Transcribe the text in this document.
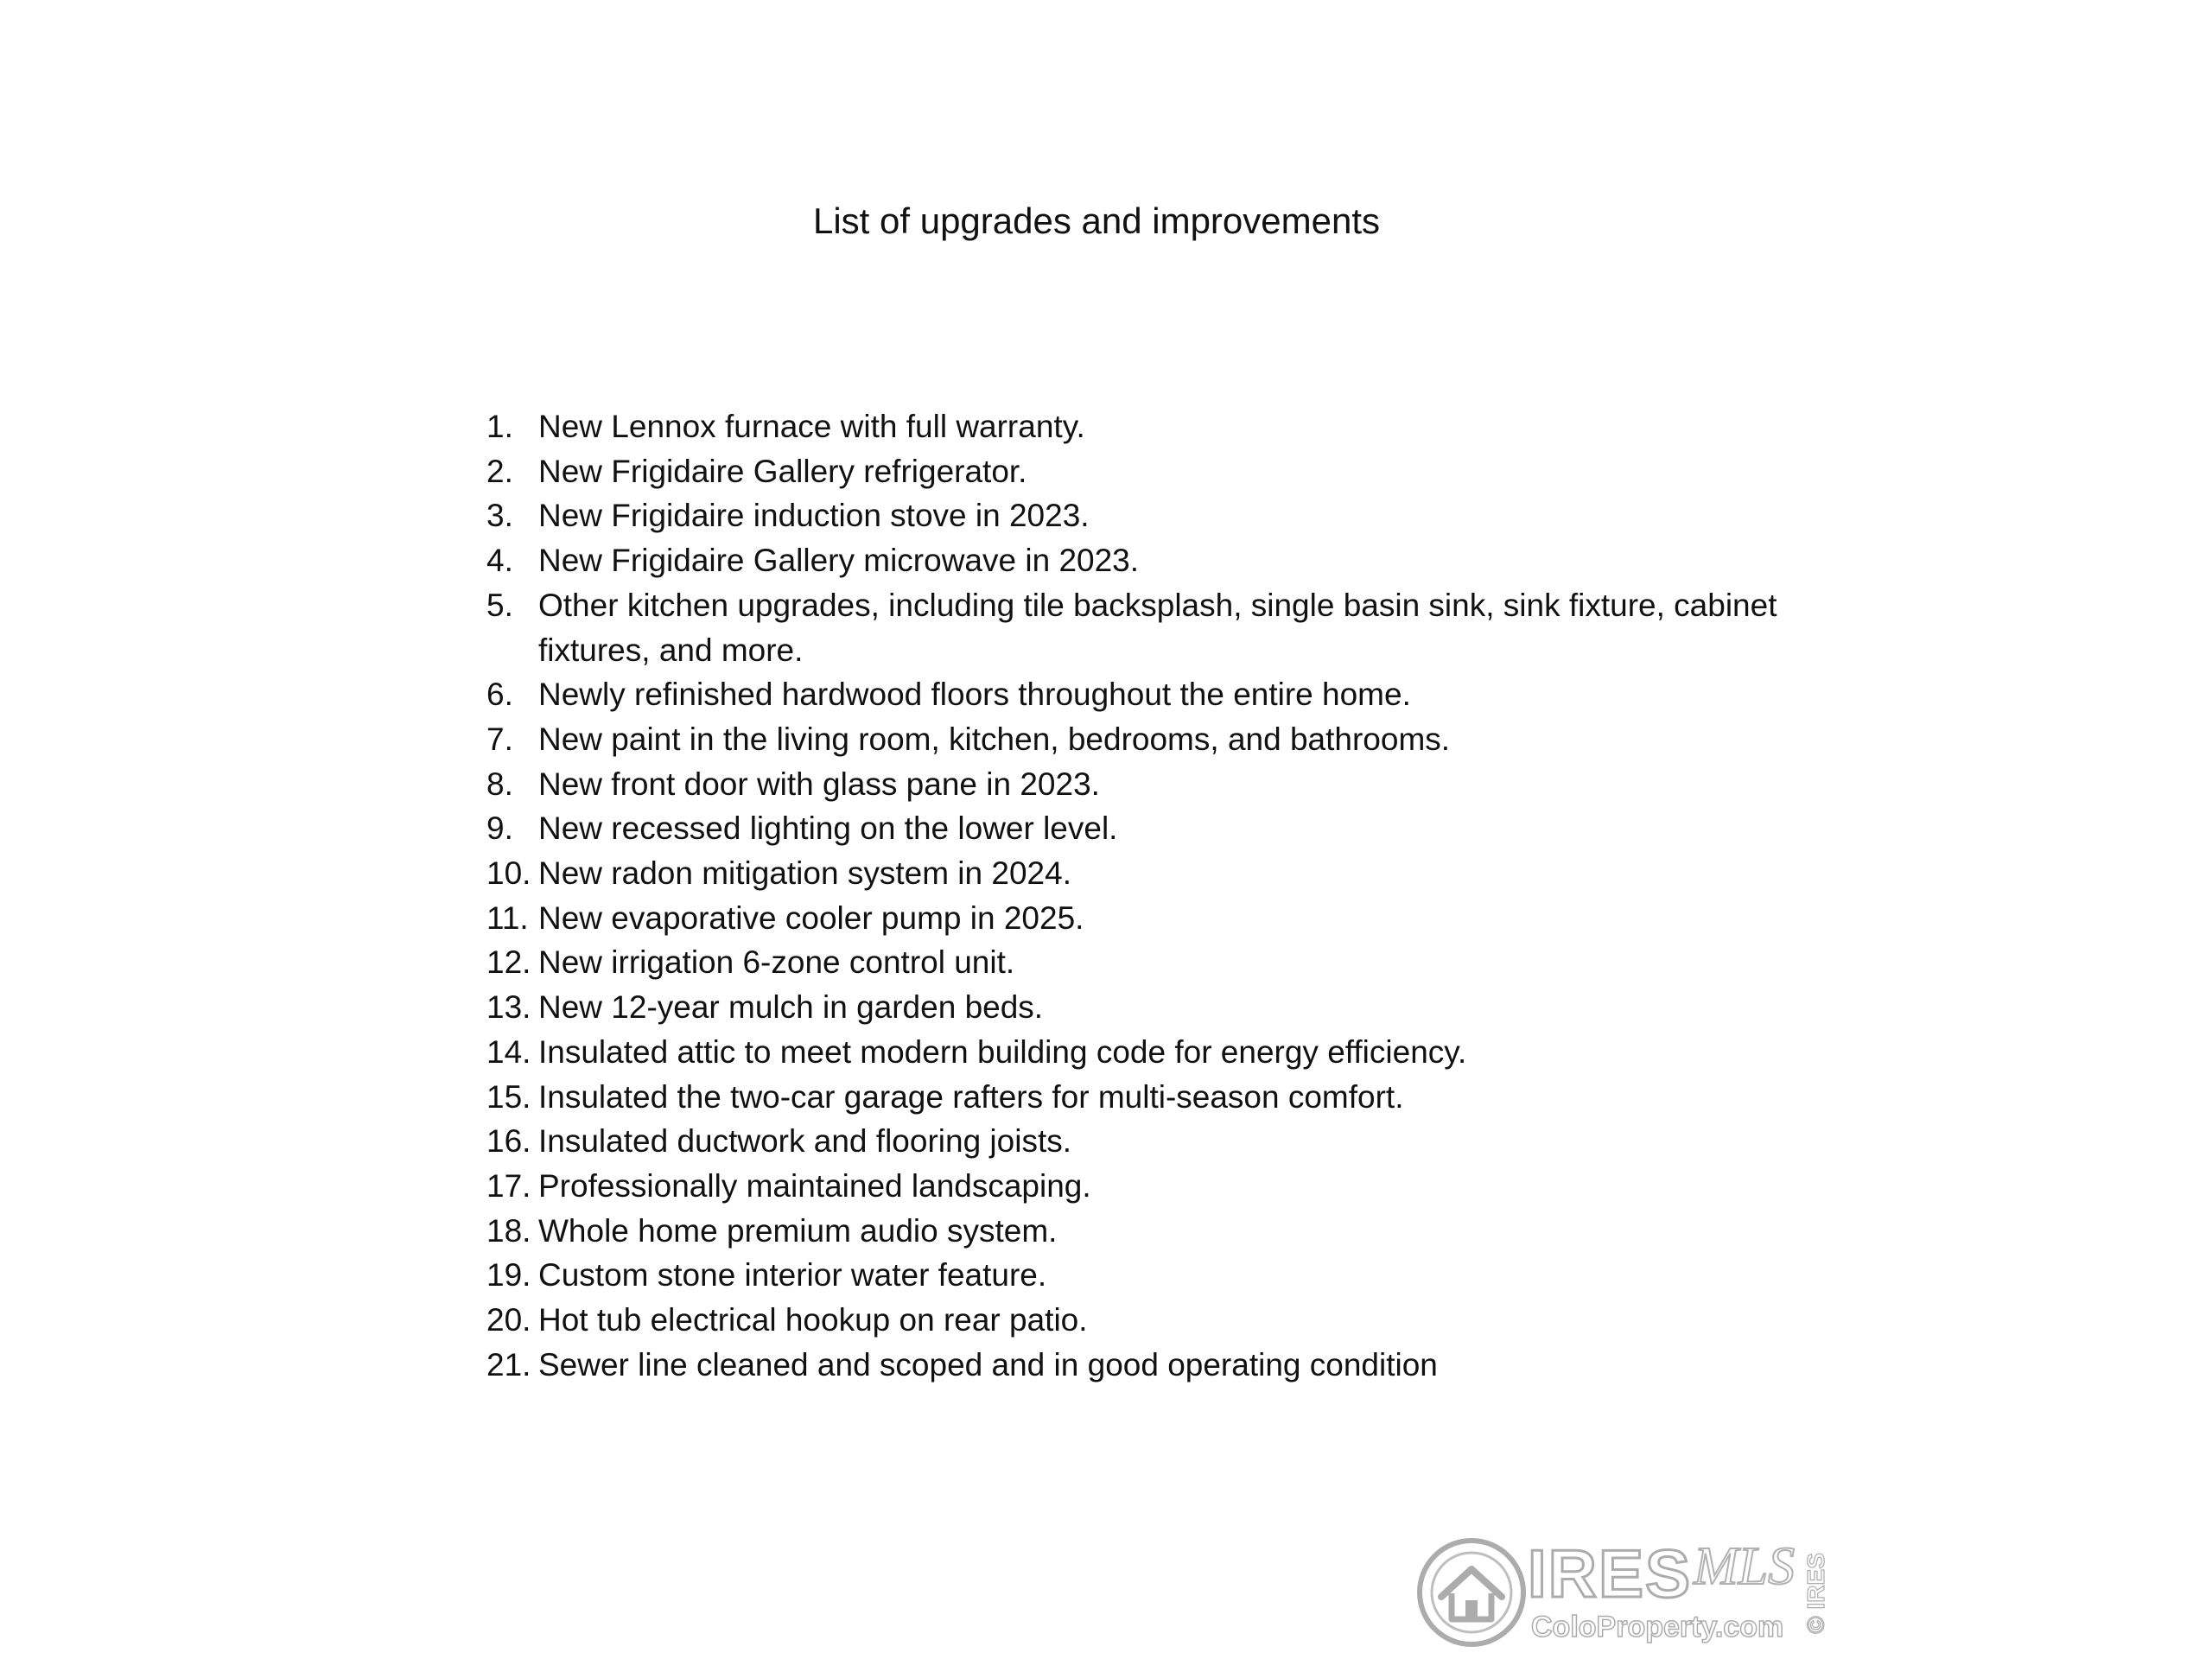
List of upgrades and improvements
1. New Lennox furnace with full warranty.
2. New Frigidaire Gallery refrigerator.
3. New Frigidaire induction stove in 2023.
4. New Frigidaire Gallery microwave in 2023.
5. Other kitchen upgrades, including tile backsplash, single basin sink, sink fixture, cabinet fixtures, and more.
6. Newly refinished hardwood floors throughout the entire home.
7. New paint in the living room, kitchen, bedrooms, and bathrooms.
8. New front door with glass pane in 2023.
9. New recessed lighting on the lower level.
10. New radon mitigation system in 2024.
11. New evaporative cooler pump in 2025.
12. New irrigation 6-zone control unit.
13. New 12-year mulch in garden beds.
14. Insulated attic to meet modern building code for energy efficiency.
15. Insulated the two-car garage rafters for multi-season comfort.
16. Insulated ductwork and flooring joists.
17. Professionally maintained landscaping.
18. Whole home premium audio system.
19. Custom stone interior water feature.
20. Hot tub electrical hookup on rear patio.
21. Sewer line cleaned and scoped and in good operating condition
IRES MLS
ColoProperty.com © IRES
